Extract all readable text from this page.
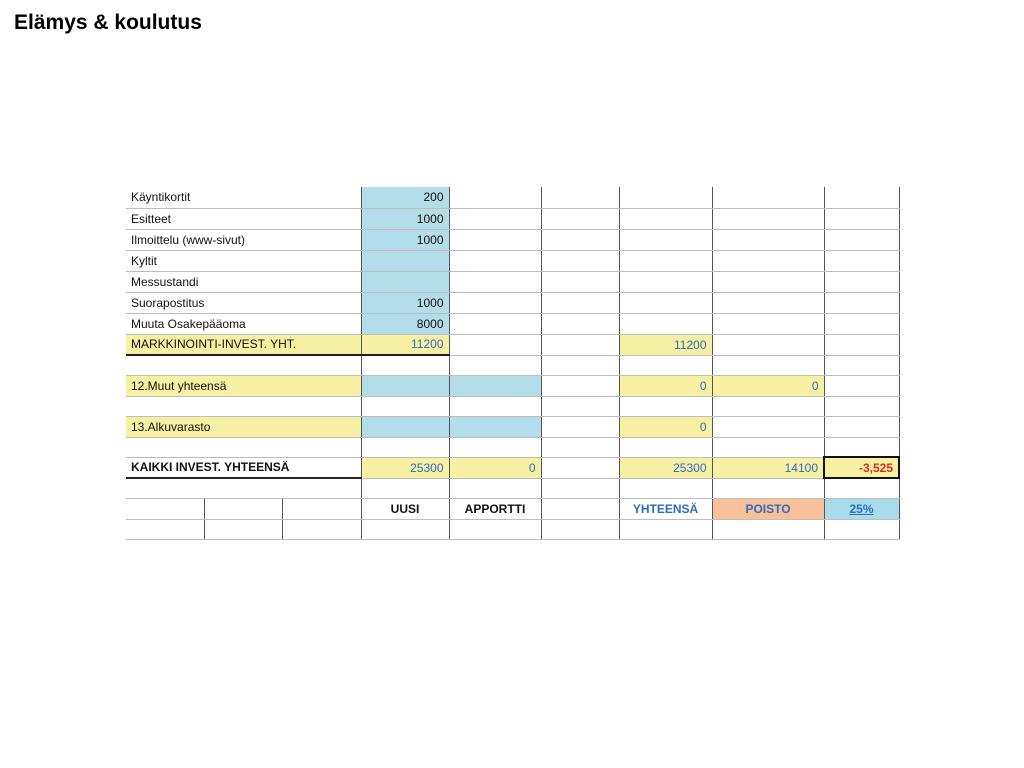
Elämys & koulutus
Käyntikortit			200					
Esitteet			1000					
Ilmoittelu (www-sivut)			1000					
Kyltit								
Messustandi								
Suorapostitus			1000					
Muuta Osakepääoma			8000					
MARKKINOINTI-INVEST. YHT.			11200			11200		

12.Muut yhteensä						0	0	

13.Alkuvarasto						0		

KAIKKI INVEST. YHTEENSÄ			25300	0		25300	14100	-3,525

			UUSI	APPORTTI		YHTEENSÄ	POISTO	25%
